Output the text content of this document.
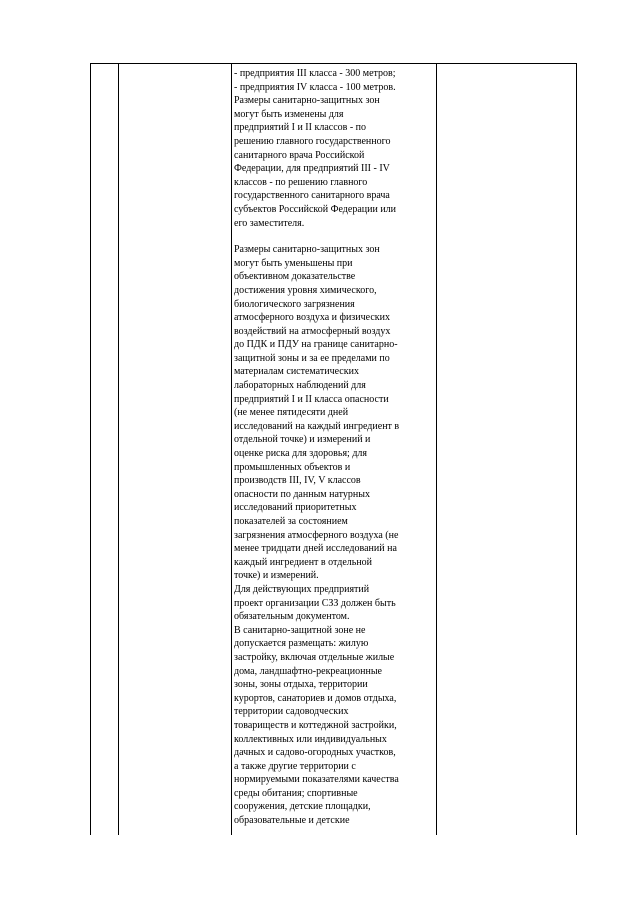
- предприятия III класса - 300 метров;
- предприятия IV класса - 100 метров.
Размеры санитарно-защитных зон
могут быть изменены для
предприятий I и II классов - по
решению главного государственного
санитарного врача Российской
Федерации, для предприятий III - IV
классов - по решению главного
государственного санитарного врача
субъектов Российской Федерации или
его заместителя.
Размеры санитарно-защитных зон
могут быть уменьшены при
объективном доказательстве
достижения уровня химического,
биологического загрязнения
атмосферного воздуха и физических
воздействий на атмосферный воздух
до ПДК и ПДУ на границе санитарно-
защитной зоны и за ее пределами по
материалам систематических
лабораторных наблюдений для
предприятий I и II класса опасности
(не менее пятидесяти дней
исследований на каждый ингредиент в
отдельной точке) и измерений и
оценке риска для здоровья; для
промышленных объектов и
производств III, IV, V классов
опасности по данным натурных
исследований приоритетных
показателей за состоянием
загрязнения атмосферного воздуха (не
менее тридцати дней исследований на
каждый ингредиент в отдельной
точке) и измерений.
Для действующих предприятий
проект организации СЗЗ должен быть
обязательным документом.
В санитарно-защитной зоне не
допускается размещать: жилую
застройку, включая отдельные жилые
дома, ландшафтно-рекреационные
зоны, зоны отдыха, территории
курортов, санаториев и домов отдыха,
территории садоводческих
товариществ и коттеджной застройки,
коллективных или индивидуальных
дачных и садово-огородных участков,
а также другие территории с
нормируемыми показателями качества
среды обитания; спортивные
сооружения, детские площадки,
образовательные и детские
